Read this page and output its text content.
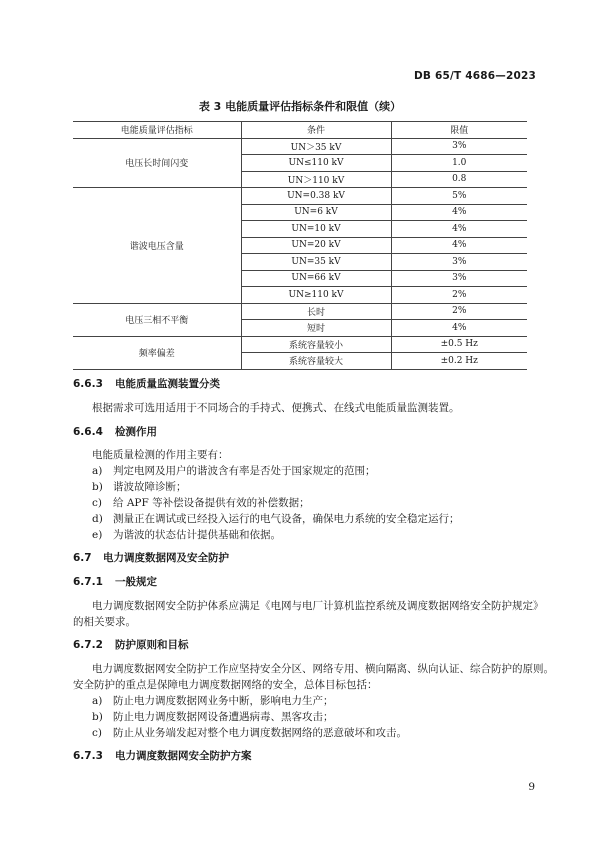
DB 65/T 4686—2023
表 3 电能质量评估指标条件和限值（续）
电能质量评估指标	条件	限值
电压长时间闪变	UN＞35 kV	3%
	UN≤110 kV	1.0
	UN＞110 kV	0.8
谐波电压含量	UN=0.38 kV	5%
	UN=6 kV	4%
	UN=10 kV	4%
	UN=20 kV	4%
	UN=35 kV	3%
	UN=66 kV	3%
	UN≥110 kV	2%
电压三相不平衡	长时	2%
	短时	4%
频率偏差	系统容量较小	±0.5 Hz
	系统容量较大	±0.2 Hz
6.6.3 电能质量监测装置分类
根据需求可选用适用于不同场合的手持式、便携式、在线式电能质量监测装置。
6.6.4 检测作用
电能质量检测的作用主要有：
a) 判定电网及用户的谐波含有率是否处于国家规定的范围；
b) 谐波故障诊断；
c) 给 APF 等补偿设备提供有效的补偿数据；
d) 测量正在调试或已经投入运行的电气设备，确保电力系统的安全稳定运行；
e) 为谐波的状态估计提供基础和依据。
6.7 电力调度数据网及安全防护
6.7.1 一般规定
电力调度数据网安全防护体系应满足《电网与电厂计算机监控系统及调度数据网络安全防护规定》
的相关要求。
6.7.2 防护原则和目标
电力调度数据网安全防护工作应坚持安全分区、网络专用、横向隔离、纵向认证、综合防护的原则。
安全防护的重点是保障电力调度数据网络的安全，总体目标包括：
a) 防止电力调度数据网业务中断，影响电力生产；
b) 防止电力调度数据网设备遭遇病毒、黑客攻击；
c) 防止从业务端发起对整个电力调度数据网络的恶意破坏和攻击。
6.7.3 电力调度数据网安全防护方案
9
